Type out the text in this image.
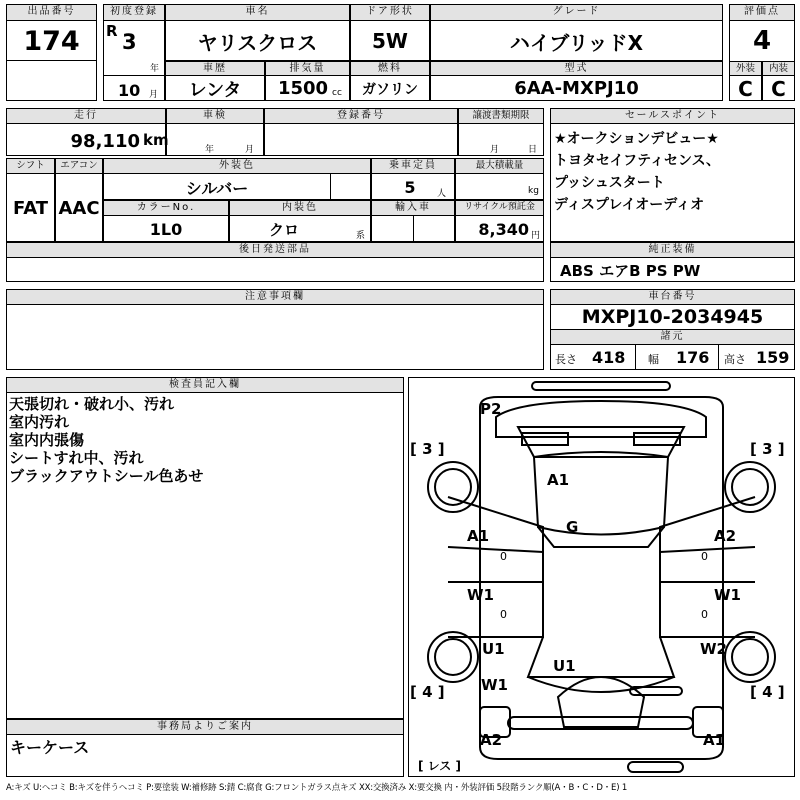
出品番号
174
初度登録
R 3
年
10 月
車名
ヤリスクロス
ドア形状
5W
グレード
ハイブリッドX
評価点
4
車歴
レンタ
排気量
1500 cc
燃料
ガソリン
型式
6AA-MXPJ10
外装
C
内装
C
走行
98,110 km
車検
年	月
登録番号	譲渡書類期限
月	日
セールスポイント
★オークションデビュー★
トヨタセイフティセンス、
プッシュスタート
ディスプレイオーディオ
シフト
FAT
エアコン
AAC
外装色
シルバー
乗車定員
5	人
最大積載量
kg
カラーNo.
1L0
内装色
クロ	系
輸入車	リサイクル預託金
8,340 円
後日発送部品	純正装備
ABS エアB PS PW
注意事項欄	車台番号
MXPJ10-2034945
諸元
長さ 418 幅 176 高さ 159
検査員記入欄
天張切れ・破れ小、汚れ
室内汚れ
室内内張傷
シートすれ中、汚れ
ブラックアウトシール色あせ
事務局よりご案内
キーケース
P2
A1
G
A1	A2
0	0
W1	W1
0	0
U1	W2
U1
W1
A2	A1
[ 3 ]	[ 3 ]
[ 4 ]	[ 4 ]
[ レス ]
A:キズ U:ヘコミ B:キズを伴うヘコミ P:要塗装 W:補修跡 S:錆 C:腐食 G:フロントガラス点キズ XX:交換済み X:要交換 内・外装評価 5段階ランク順(A・B・C・D・E) 1
